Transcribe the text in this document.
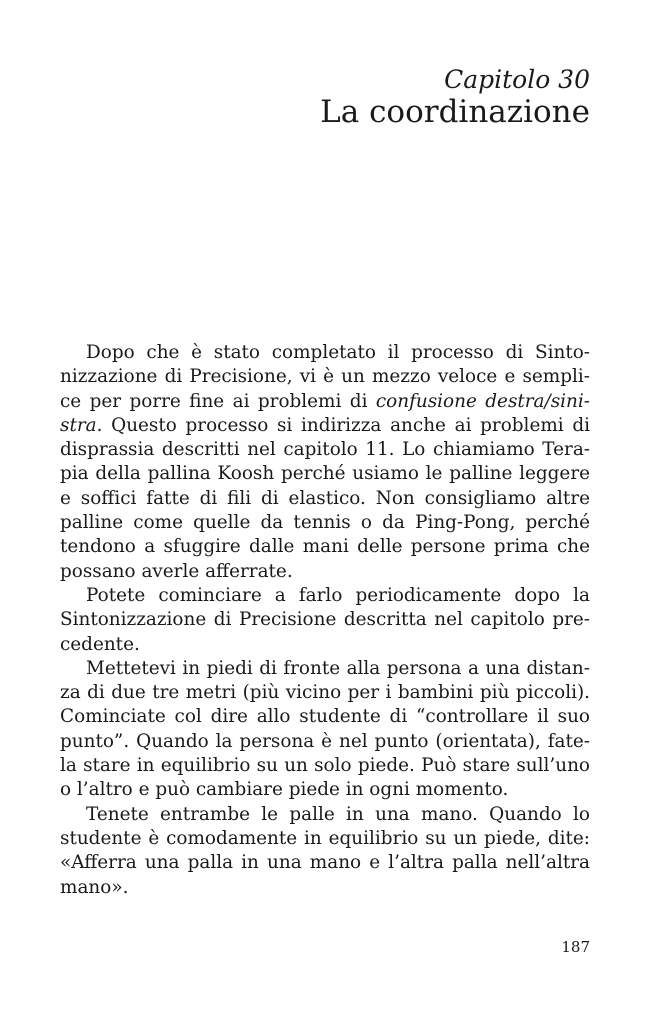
Capitolo 30
La coordinazione

Dopo che è stato completato il processo di Sintonizzazione di Precisione, vi è un mezzo veloce e semplice per porre fine ai problemi di confusione destra/sinistra. Questo processo si indirizza anche ai problemi di disprassia descritti nel capitolo 11. Lo chiamiamo Terapia della pallina Koosh perché usiamo le palline leggere e soffici fatte di fili di elastico. Non consigliamo altre palline come quelle da tennis o da Ping-Pong, perché tendono a sfuggire dalle mani delle persone prima che possano averle afferrate.

Potete cominciare a farlo periodicamente dopo la Sintonizzazione di Precisione descritta nel capitolo precedente.

Mettetevi in piedi di fronte alla persona a una distanza di due tre metri (più vicino per i bambini più piccoli). Cominciate col dire allo studente di “controllare il suo punto”. Quando la persona è nel punto (orientata), fatela stare in equilibrio su un solo piede. Può stare sull’uno o l’altro e può cambiare piede in ogni momento.

Tenete entrambe le palle in una mano. Quando lo studente è comodamente in equilibrio su un piede, dite: «Afferra una palla in una mano e l’altra palla nell’altra mano».

187
